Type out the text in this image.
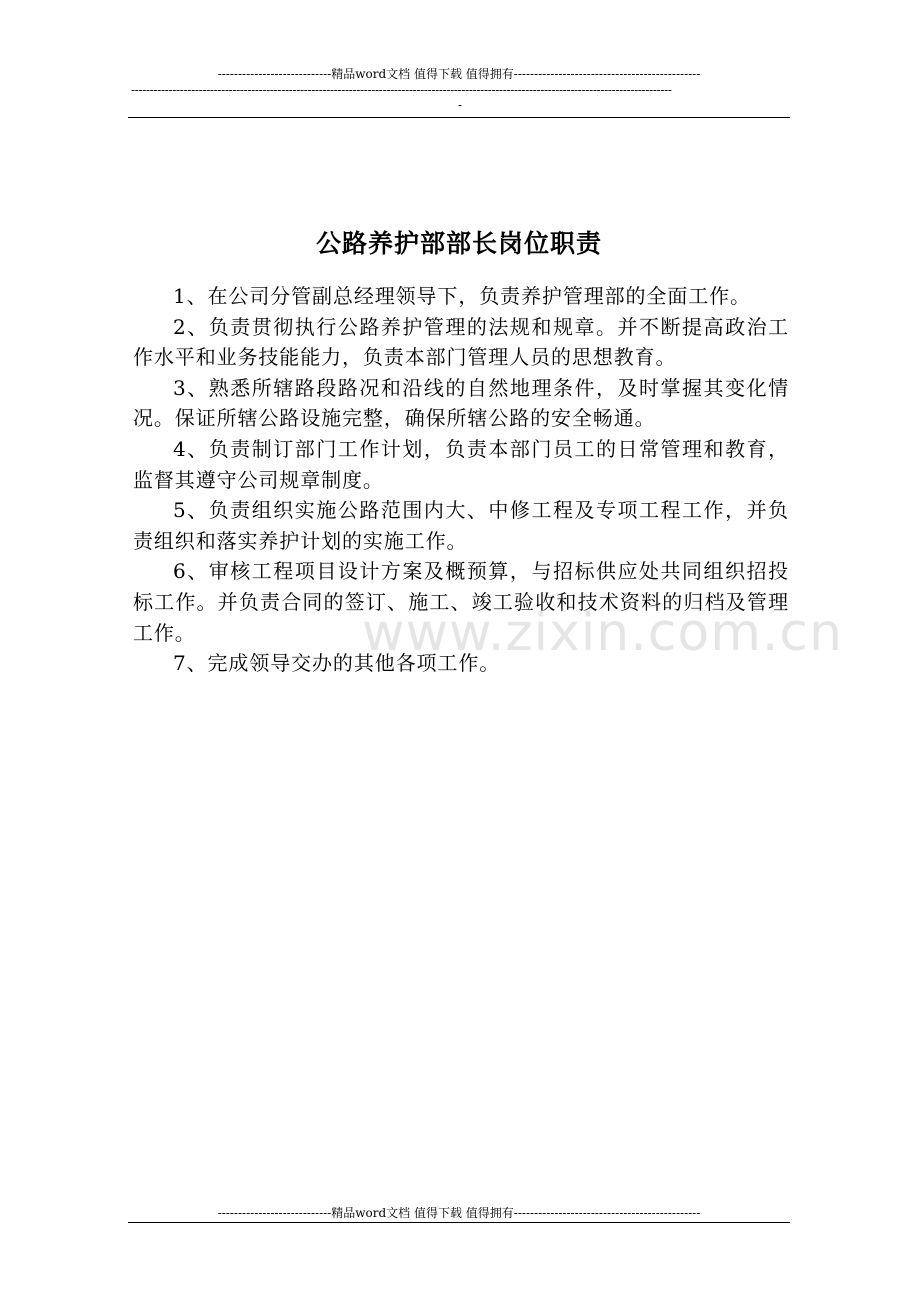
----------------------------精品word文档 值得下载 值得拥有----------------------------------------------
------------------------------------------------------------------------------------------------------------------------------------------------
-
公路养护部部长岗位职责

1、在公司分管副总经理领导下，负责养护管理部的全面工作。

2、负责贯彻执行公路养护管理的法规和规章。并不断提高政治工作水平和业务技能能力，负责本部门管理人员的思想教育。

3、熟悉所辖路段路况和沿线的自然地理条件，及时掌握其变化情况。保证所辖公路设施完整，确保所辖公路的安全畅通。

4、负责制订部门工作计划，负责本部门员工的日常管理和教育，监督其遵守公司规章制度。

5、负责组织实施公路范围内大、中修工程及专项工程工作，并负责组织和落实养护计划的实施工作。

6、审核工程项目设计方案及概预算，与招标供应处共同组织招投标工作。并负责合同的签订、施工、竣工验收和技术资料的归档及管理工作。

7、完成领导交办的其他各项工作。

www.zixin.com.cn
----------------------------精品word文档 值得下载 值得拥有----------------------------------------------
